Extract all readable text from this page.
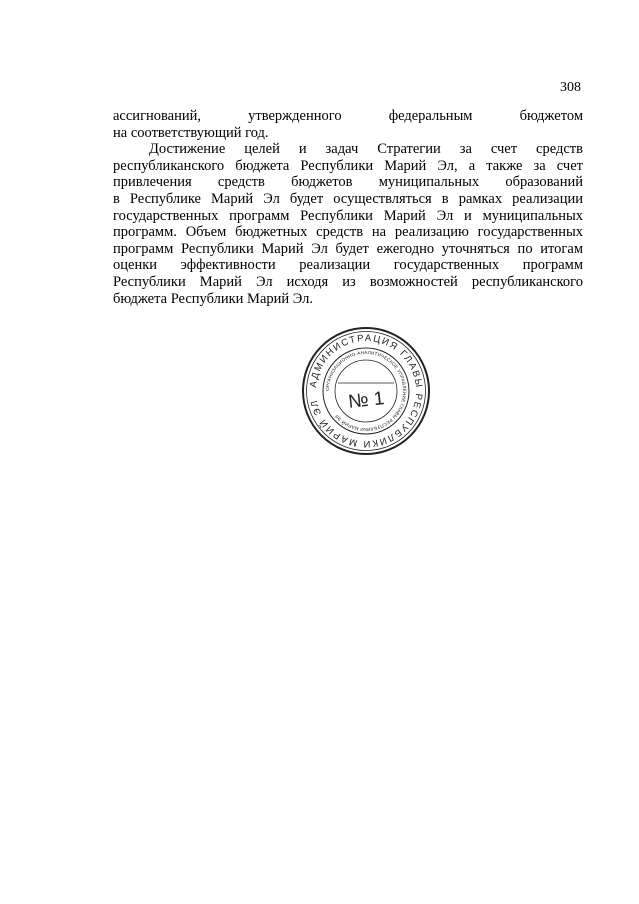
308
ассигнований, утвержденного федеральным бюджетом
на соответствующий год.
Достижение целей и задач Стратегии за счет средств
республиканского бюджета Республики Марий Эл, а также за счет
привлечения средств бюджетов муниципальных образований
в Республике Марий Эл будет осуществляться в рамках реализации
государственных программ Республики Марий Эл и муниципальных
программ. Объем бюджетных средств на реализацию государственных
программ Республики Марий Эл будет ежегодно уточняться по итогам
оценки эффективности реализации государственных программ
Республики Марий Эл исходя из возможностей республиканского
бюджета Республики Марий Эл.
АДМИНИСТРАЦИЯ ГЛАВЫ РЕСПУБЛИКИ МАРИЙ ЭЛ
ОРГАНИЗАЦИОННО-АНАЛИТИЧЕСКОЕ УПРАВЛЕНИЕ ГЛАВЫ РЕСПУБЛИКИ МАРИЙ ЭЛ
№ 1
